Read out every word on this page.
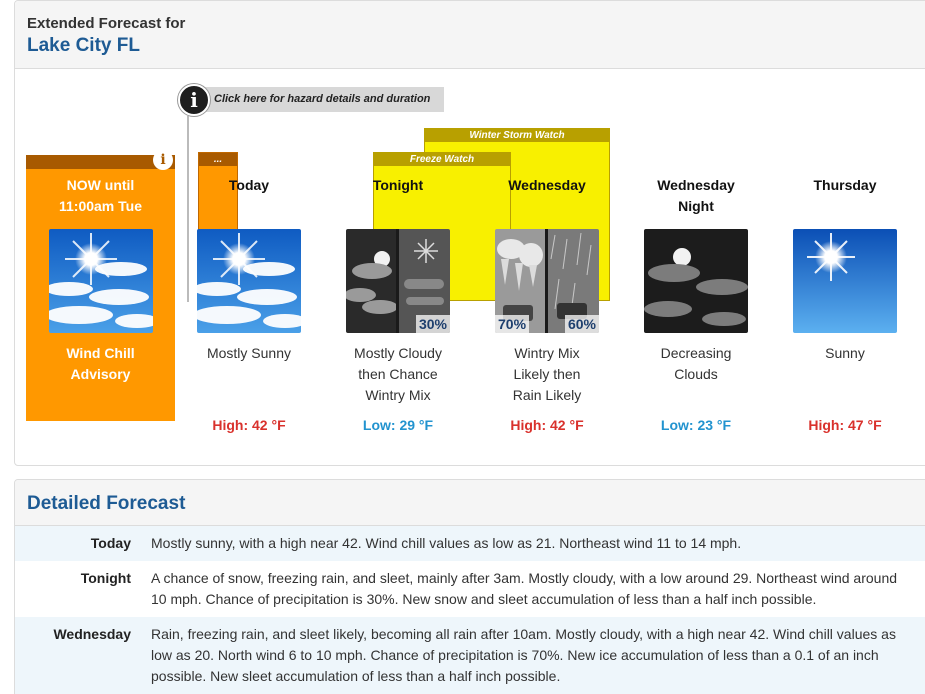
Extended Forecast for
Lake City FL
Click here for hazard details and duration
i
Winter Storm Watch
Freeze Watch
...
i
NOW until
11:00am Tue
Wind Chill
Advisory
Today
Mostly Sunny
High: 42 °F
Tonight
30%
Mostly Cloudy
then Chance
Wintry Mix
Low: 29 °F
Wednesday
70%	60%
Wintry Mix
Likely then
Rain Likely
High: 42 °F
Wednesday
Night
Decreasing
Clouds
Low: 23 °F
Thursday
Sunny
High: 47 °F
Detailed Forecast
Today	Mostly sunny, with a high near 42. Wind chill values as low as 21. Northeast wind 11 to 14 mph.
Tonight	A chance of snow, freezing rain, and sleet, mainly after 3am. Mostly cloudy, with a low around 29. Northeast wind around 10 mph. Chance of precipitation is 30%. New snow and sleet accumulation of less than a half inch possible.
Wednesday	Rain, freezing rain, and sleet likely, becoming all rain after 10am. Mostly cloudy, with a high near 42. Wind chill values as low as 20. North wind 6 to 10 mph. Chance of precipitation is 70%. New ice accumulation of less than a 0.1 of an inch possible. New sleet accumulation of less than a half inch possible.
